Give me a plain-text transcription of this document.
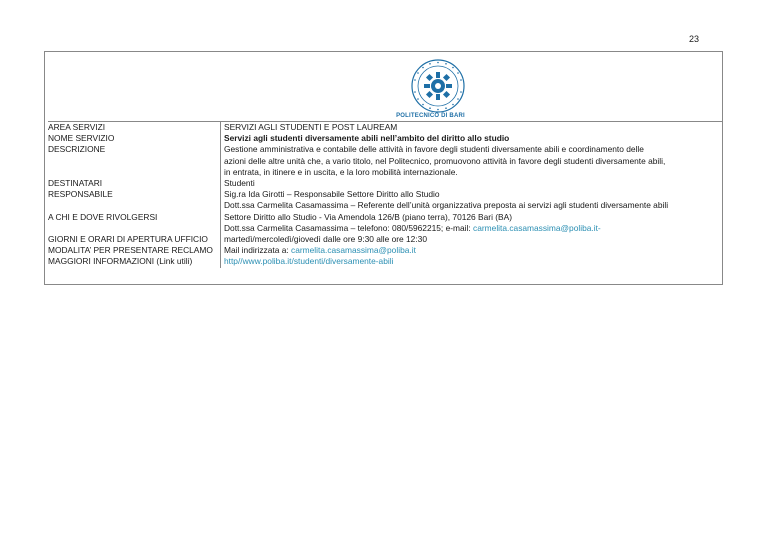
23
POLITECNICO DI BARI
AREA SERVIZI	SERVIZI AGLI STUDENTI E POST LAUREAM
NOME SERVIZIO	Servizi agli studenti diversamente abili nell’ambito del diritto allo studio
DESCRIZIONE	Gestione amministrativa e contabile delle attività in favore degli studenti diversamente abili e coordinamento delle
azioni delle altre unità che, a vario titolo, nel Politecnico, promuovono attività in favore degli studenti diversamente abili,
in entrata, in itinere e in uscita, e la loro mobilità internazionale.

DESTINATARI	Studenti
RESPONSABILE	Sig.ra Ida Girotti – Responsabile Settore Diritto allo Studio
Dott.ssa Carmelita Casamassima – Referente dell’unità organizzativa preposta ai servizi agli studenti diversamente abili

A CHI E DOVE RIVOLGERSI	Settore Diritto allo Studio - Via Amendola 126/B (piano terra), 70126 Bari (BA)
Dott.ssa Carmelita Casamassima – telefono: 080/5962215; e-mail: carmelita.casamassima@poliba.it-

GIORNI E ORARI DI APERTURA UFFICIO	martedì/mercoledì/giovedì dalle ore 9:30 alle ore 12:30
MODALITA’ PER PRESENTARE RECLAMO	Mail indirizzata a: carmelita.casamassima@poliba.it
MAGGIORI INFORMAZIONI (Link utili)	http//www.poliba.it/studenti/diversamente-abili
